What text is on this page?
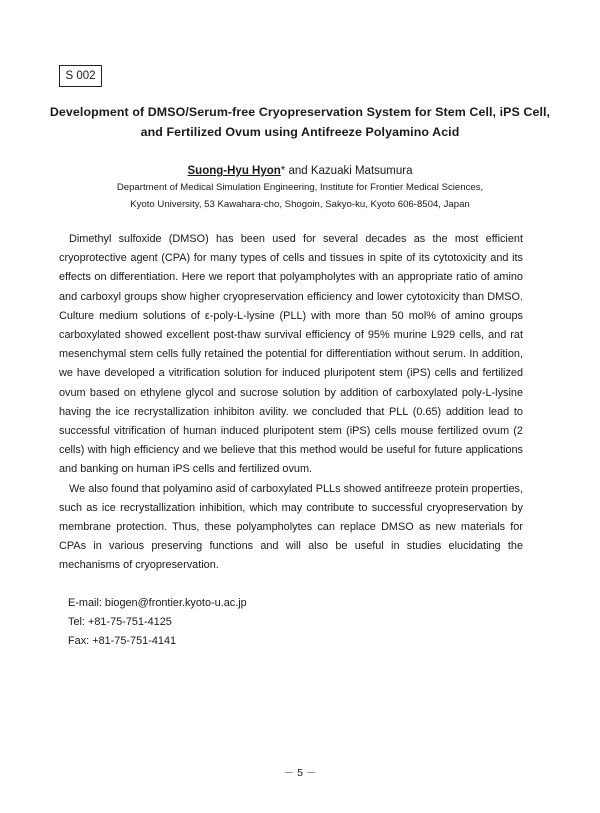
S 002
Development of DMSO/Serum-free Cryopreservation System for Stem Cell, iPS Cell, and Fertilized Ovum using Antifreeze Polyamino Acid
Suong-Hyu Hyon* and Kazuaki Matsumura
Department of Medical Simulation Engineering, Institute for Frontier Medical Sciences,
Kyoto University, 53 Kawahara-cho, Shogoin, Sakyo-ku, Kyoto 606-8504, Japan

Dimethyl sulfoxide (DMSO) has been used for several decades as the most efficient cryoprotective agent (CPA) for many types of cells and tissues in spite of its cytotoxicity and its effects on differentiation. Here we report that polyampholytes with an appropriate ratio of amino and carboxyl groups show higher cryopreservation efficiency and lower cytotoxicity than DMSO. Culture medium solutions of ε-poly-L-lysine (PLL) with more than 50 mol% of amino groups carboxylated showed excellent post-thaw survival efficiency of 95% murine L929 cells, and rat mesenchymal stem cells fully retained the potential for differentiation without serum. In addition, we have developed a vitrification solution for induced pluripotent stem (iPS) cells and fertilized ovum based on ethylene glycol and sucrose solution by addition of carboxylated poly-L-lysine having the ice recrystallization inhibiton avility. we concluded that PLL (0.65) addition lead to successful vitrification of human induced pluripotent stem (iPS) cells mouse fertilized ovum (2 cells) with high efficiency and we believe that this method would be useful for future applications and banking on human iPS cells and fertilized ovum.

We also found that polyamino asid of carboxylated PLLs showed antifreeze protein properties, such as ice recrystallization inhibition, which may contribute to successful cryopreservation by membrane protection. Thus, these polyampholytes can replace DMSO as new materials for CPAs in various preserving functions and will also be useful in studies elucidating the mechanisms of cryopreservation.

E-mail: biogen@frontier.kyoto-u.ac.jp
Tel: +81-75-751-4125
Fax: +81-75-751-4141
－ 5 －
